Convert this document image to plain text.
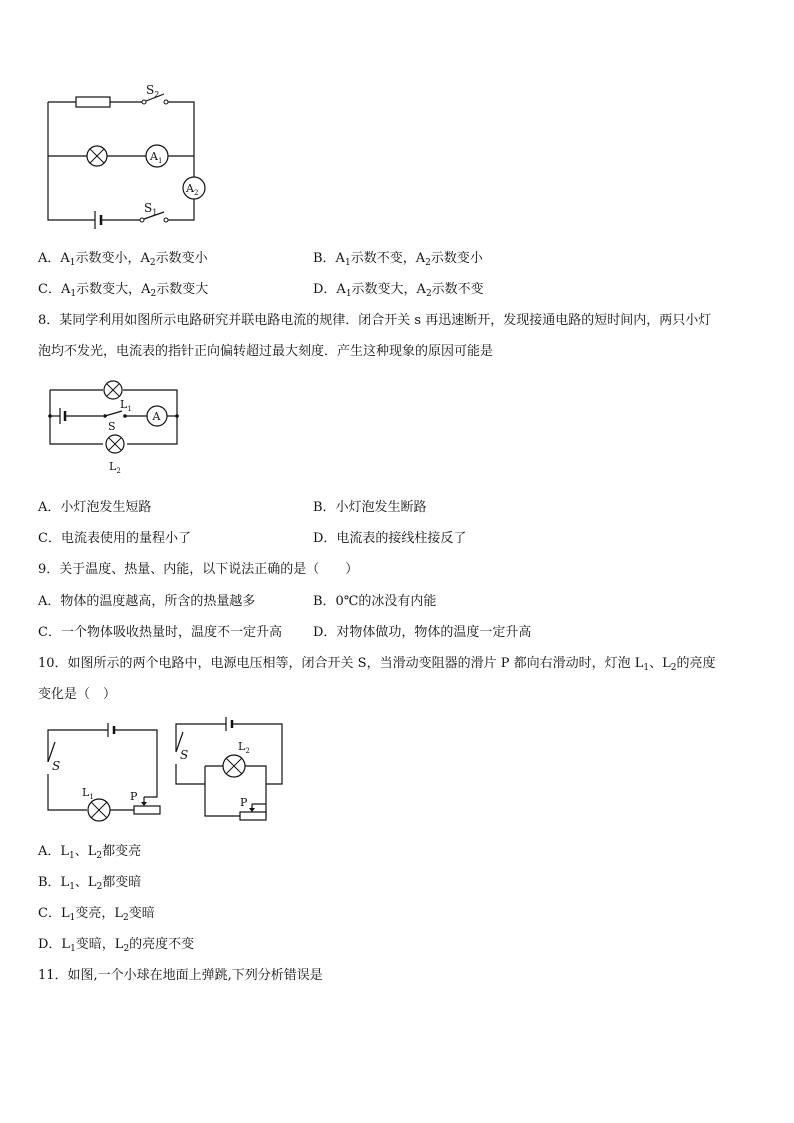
$S_2$
$A_1$
$A_2$
$S_1$
A．$A_1$示数变小，$A_2$示数变小	B．$A_1$示数不变，$A_2$示数变小
C．$A_1$示数变大，$A_2$示数变大	D．$A_1$示数变大，$A_2$示数不变
8．某同学利用如图所示电路研究并联电路电流的规律．闭合开关 s 再迅速断开，发现接通电路的短时间内，两只小灯
泡均不发光，电流表的指针正向偏转超过最大刻度．产生这种现象的原因可能是
$L_1$
S
A
$L_2$
A．小灯泡发生短路	B．小灯泡发生断路
C．电流表使用的量程小了	D．电流表的接线柱接反了
9．关于温度、热量、内能，以下说法正确的是（　　）
A．物体的温度越高，所含的热量越多	B．0℃的冰没有内能
C．一个物体吸收热量时，温度不一定升高 D．对物体做功，物体的温度一定升高
10．如图所示的两个电路中，电源电压相等，闭合开关 S，当滑动变阻器的滑片 P 都向右滑动时，灯泡 $L_1$、$L_2$的亮度
变化是（　）
S
$L_1$	P
S
$L_2$
P
A．$L_1$、$L_2$都变亮
B．$L_1$、$L_2$都变暗
C．$L_1$变亮，$L_2$变暗
D．$L_1$变暗，$L_2$的亮度不变
11．如图,一个小球在地面上弹跳,下列分析错误是
